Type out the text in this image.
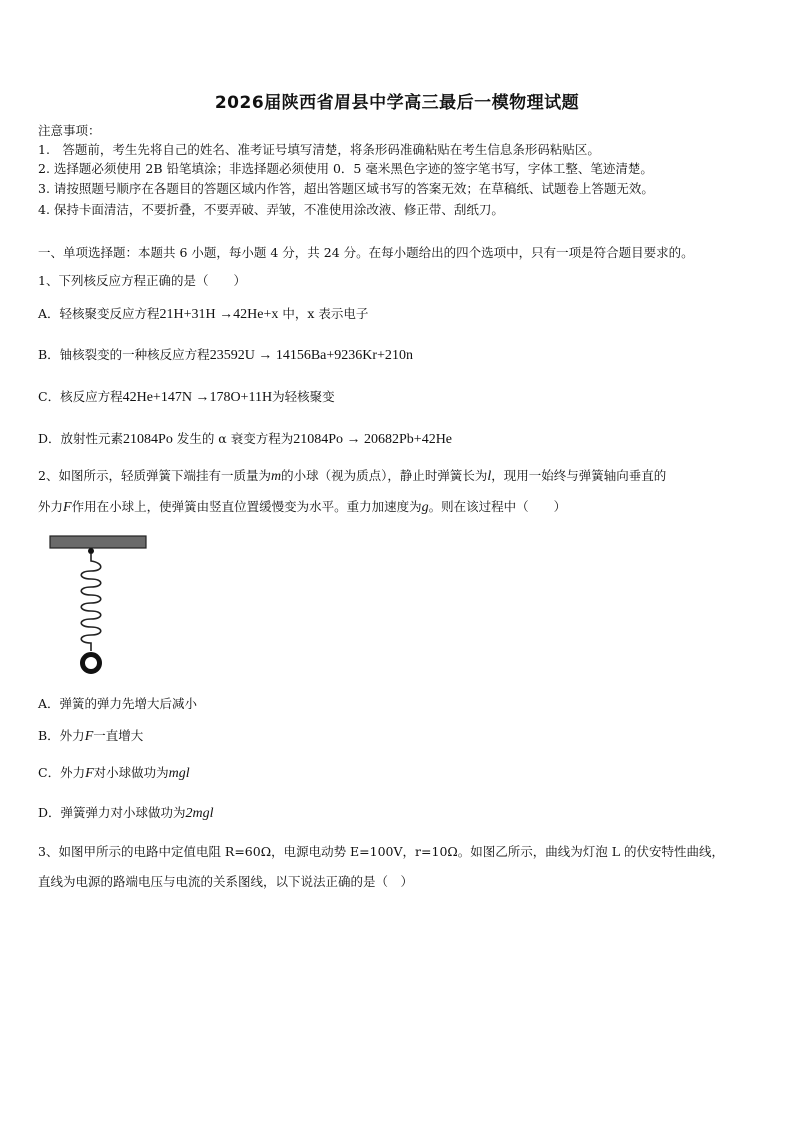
2026届陕西省眉县中学高三最后一模物理试题
注意事项：
1.　答题前，考生先将自己的姓名、准考证号填写清楚，将条形码准确粘贴在考生信息条形码粘贴区。
2. 选择题必须使用 2B 铅笔填涂；非选择题必须使用 0．5 毫米黑色字迹的签字笔书写，字体工整、笔迹清楚。
3. 请按照题号顺序在各题目的答题区域内作答，超出答题区域书写的答案无效；在草稿纸、试题卷上答题无效。
4. 保持卡面清洁，不要折叠，不要弄破、弄皱，不准使用涂改液、修正带、刮纸刀。
一、单项选择题：本题共 6 小题，每小题 4 分，共 24 分。在每小题给出的四个选项中，只有一项是符合题目要求的。
1、下列核反应方程正确的是（　　）
A．轻核聚变反应方程21H+31H →42He+x 中，x 表示电子
B．铀核裂变的一种核反应方程23592U → 14156Ba+9236Kr+210n
C．核反应方程42He+147N →178O+11H为轻核聚变
D．放射性元素21084Po 发生的 α 衰变方程为21084Po → 20682Pb+42He
2、如图所示，轻质弹簧下端挂有一质量为m的小球（视为质点），静止时弹簧长为l，现用一始终与弹簧轴向垂直的
外力F作用在小球上，使弹簧由竖直位置缓慢变为水平。重力加速度为g。则在该过程中（　　）
A．弹簧的弹力先增大后减小
B．外力F一直增大
C．外力F对小球做功为mgl
D．弹簧弹力对小球做功为2mgl
3、如图甲所示的电路中定值电阻 R=60Ω，电源电动势 E=100V，r=10Ω。如图乙所示，曲线为灯泡 L 的伏安特性曲线，
直线为电源的路端电压与电流的关系图线，以下说法正确的是（　）
